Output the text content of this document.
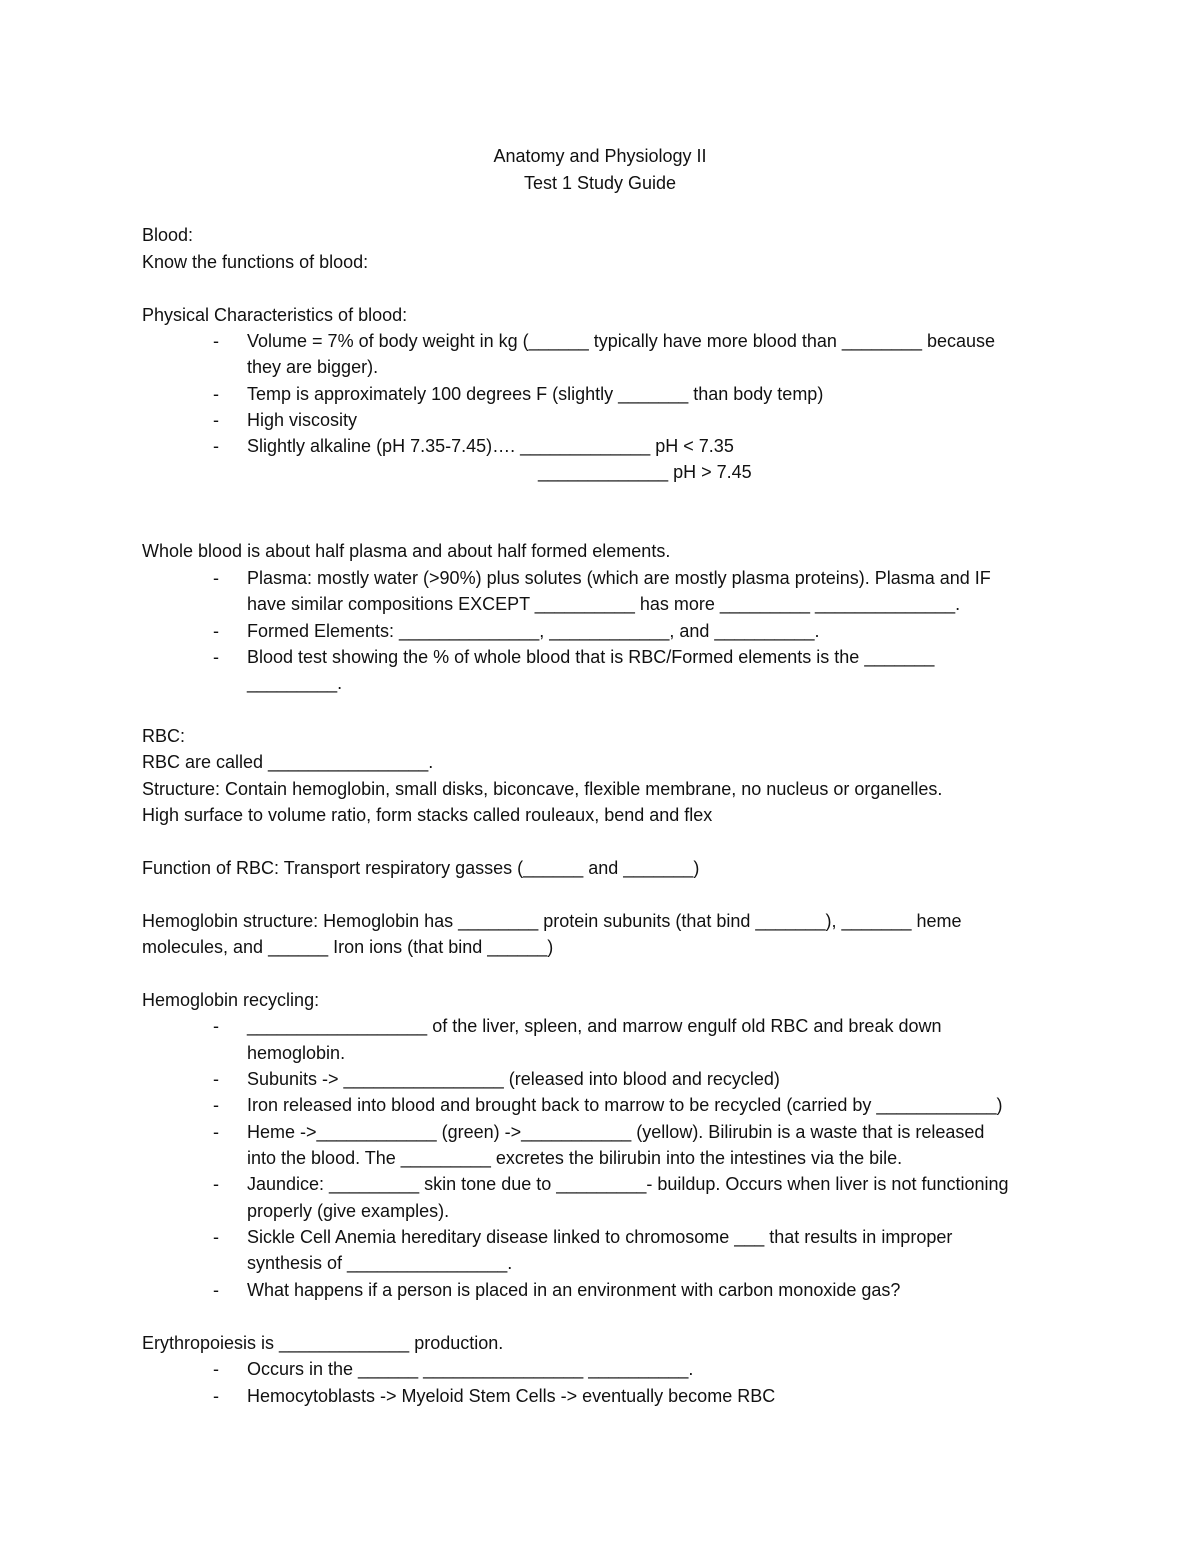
Anatomy and Physiology II
Test 1 Study Guide
Blood:
Know the functions of blood:
Physical Characteristics of blood:
-	Volume = 7% of body weight in kg (______ typically have more blood than ________ because
they are bigger).
-	Temp is approximately 100 degrees F (slightly _______ than body temp)
-	High viscosity
-	Slightly alkaline (pH 7.35-7.45)…. _____________ pH < 7.35
_____________ pH > 7.45
Whole blood is about half plasma and about half formed elements.
-	Plasma: mostly water (>90%) plus solutes (which are mostly plasma proteins). Plasma and IF
have similar compositions EXCEPT __________ has more _________ ______________.
-	Formed Elements: ______________, ____________, and __________.
-	Blood test showing the % of whole blood that is RBC/Formed elements is the _______
_________.
RBC:
RBC are called ________________.
Structure: Contain hemoglobin, small disks, biconcave, flexible membrane, no nucleus or organelles.
High surface to volume ratio, form stacks called rouleaux, bend and flex
Function of RBC: Transport respiratory gasses (______ and _______)
Hemoglobin structure: Hemoglobin has ________ protein subunits (that bind _______), _______ heme
molecules, and ______ Iron ions (that bind ______)
Hemoglobin recycling:
-	__________________ of the liver, spleen, and marrow engulf old RBC and break down
hemoglobin.
-	Subunits -> ________________ (released into blood and recycled)
-	Iron released into blood and brought back to marrow to be recycled (carried by ____________)
-	Heme ->____________ (green) ->___________ (yellow). Bilirubin is a waste that is released
into the blood. The _________ excretes the bilirubin into the intestines via the bile.
-	Jaundice: _________ skin tone due to _________- buildup. Occurs when liver is not functioning
properly (give examples).
-	Sickle Cell Anemia hereditary disease linked to chromosome ___ that results in improper
synthesis of ________________.
-	What happens if a person is placed in an environment with carbon monoxide gas?
Erythropoiesis is _____________ production.
-	Occurs in the ______ ________________ __________.
-	Hemocytoblasts -> Myeloid Stem Cells -> eventually become RBC
